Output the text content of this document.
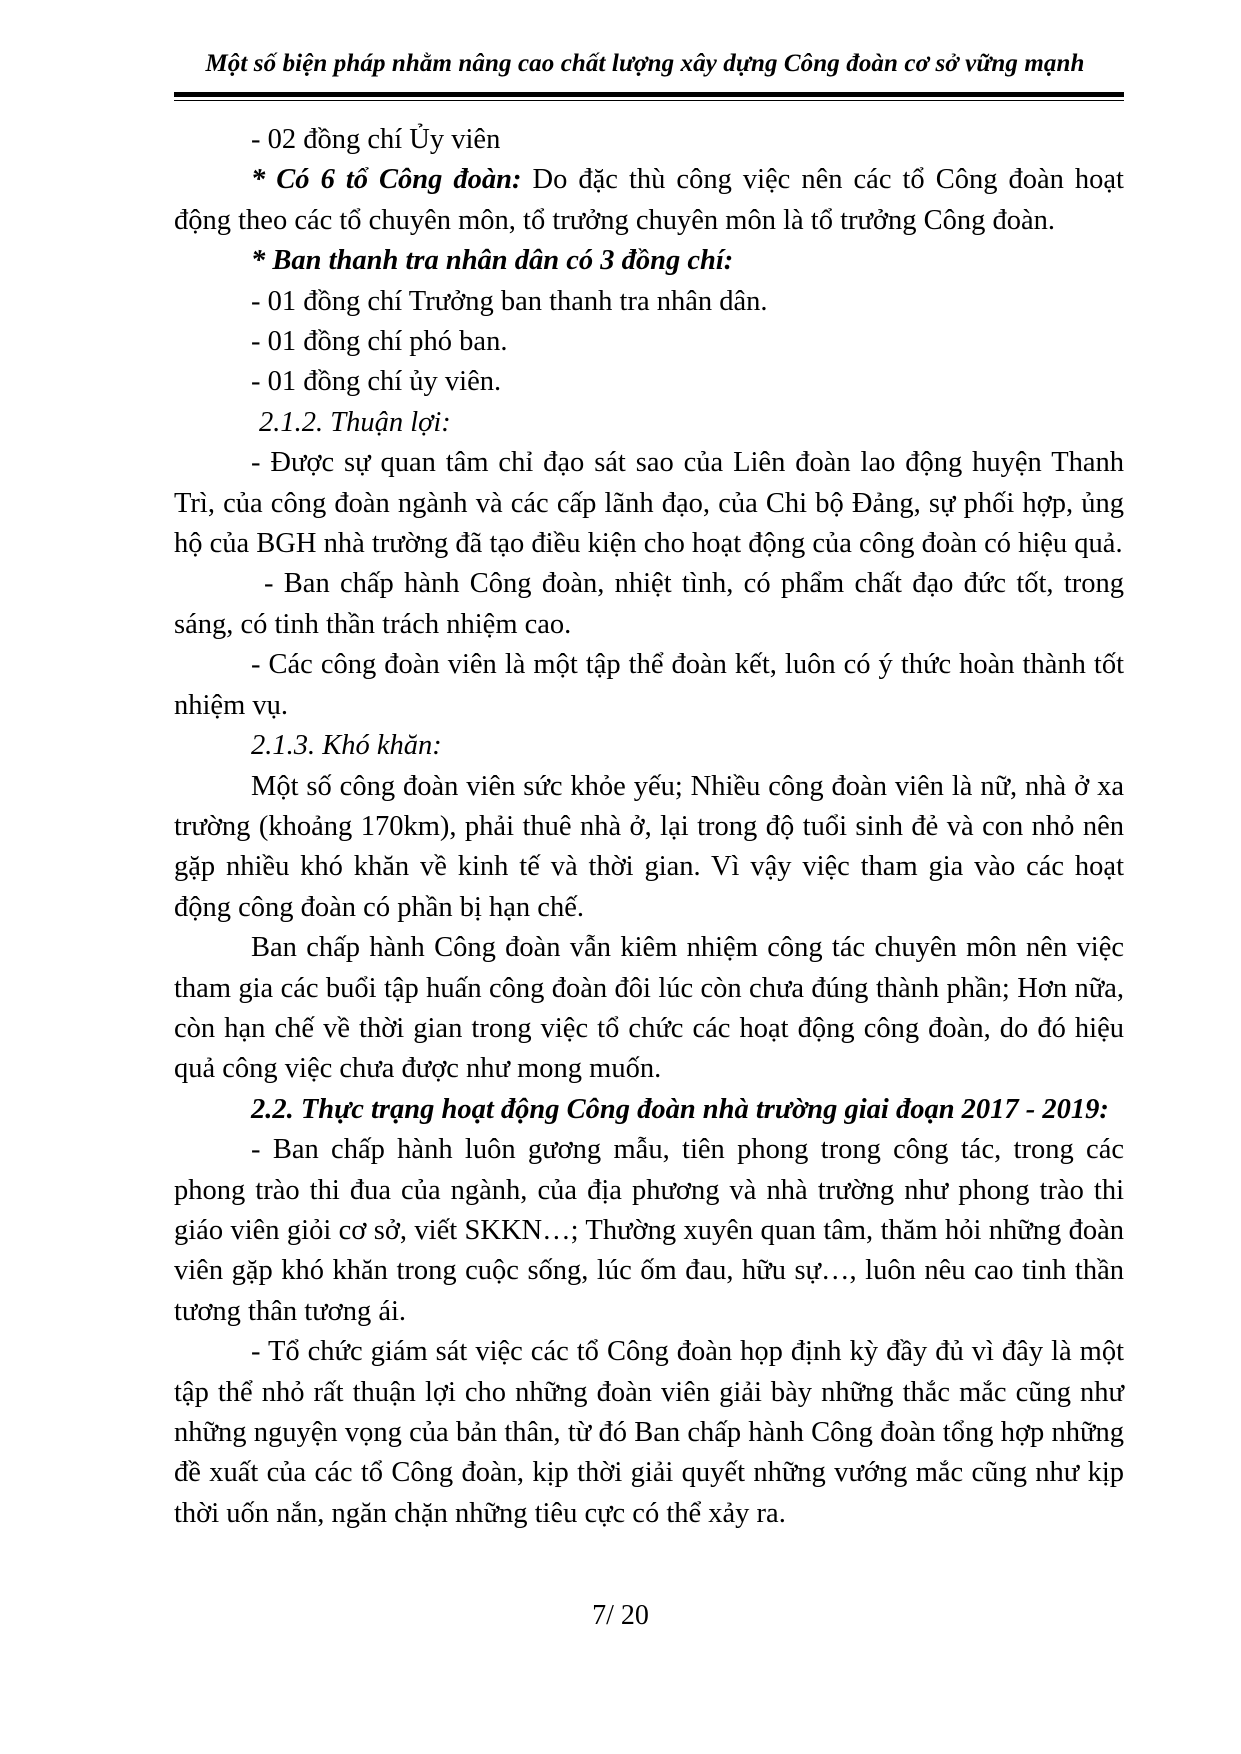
Một số biện pháp nhằm nâng cao chất lượng xây dựng Công đoàn cơ sở vững mạnh

- 02 đồng chí Ủy viên

* Có 6 tổ Công đoàn: Do đặc thù công việc nên các tổ Công đoàn hoạt động theo các tổ chuyên môn, tổ trưởng chuyên môn là tổ trưởng Công đoàn.

* Ban thanh tra nhân dân có 3 đồng chí:

- 01 đồng chí Trưởng ban thanh tra nhân dân.

- 01 đồng chí phó ban.

- 01 đồng chí ủy viên.

2.1.2. Thuận lợi:

- Được sự quan tâm chỉ đạo sát sao của Liên đoàn lao động huyện Thanh Trì, của công đoàn ngành và các cấp lãnh đạo, của Chi bộ Đảng, sự phối hợp, ủng hộ của BGH nhà trường đã tạo điều kiện cho hoạt động của công đoàn có hiệu quả.

- Ban chấp hành Công đoàn, nhiệt tình, có phẩm chất đạo đức tốt, trong sáng, có tinh thần trách nhiệm cao.

- Các công đoàn viên là một tập thể đoàn kết, luôn có ý thức hoàn thành tốt nhiệm vụ.

2.1.3. Khó khăn:

Một số công đoàn viên sức khỏe yếu; Nhiều công đoàn viên là nữ, nhà ở xa trường (khoảng 170km), phải thuê nhà ở, lại trong độ tuổi sinh đẻ và con nhỏ nên gặp nhiều khó khăn về kinh tế và thời gian. Vì vậy việc tham gia vào các hoạt động công đoàn có phần bị hạn chế.

Ban chấp hành Công đoàn vẫn kiêm nhiệm công tác chuyên môn nên việc tham gia các buổi tập huấn công đoàn đôi lúc còn chưa đúng thành phần; Hơn nữa, còn hạn chế về thời gian trong việc tổ chức các hoạt động công đoàn, do đó hiệu quả công việc chưa được như mong muốn.

2.2. Thực trạng hoạt động Công đoàn nhà trường giai đoạn 2017 - 2019:

- Ban chấp hành luôn gương mẫu, tiên phong trong công tác, trong các phong trào thi đua của ngành, của địa phương và nhà trường như phong trào thi giáo viên giỏi cơ sở, viết SKKN…; Thường xuyên quan tâm, thăm hỏi những đoàn viên gặp khó khăn trong cuộc sống, lúc ốm đau, hữu sự…, luôn nêu cao tinh thần tương thân tương ái.

- Tổ chức giám sát việc các tổ Công đoàn họp định kỳ đầy đủ vì đây là một tập thể nhỏ rất thuận lợi cho những đoàn viên giải bày những thắc mắc cũng như những nguyện vọng của bản thân, từ đó Ban chấp hành Công đoàn tổng hợp những đề xuất của các tổ Công đoàn, kịp thời giải quyết những vướng mắc cũng như kịp thời uốn nắn, ngăn chặn những tiêu cực có thể xảy ra.

7/ 20
